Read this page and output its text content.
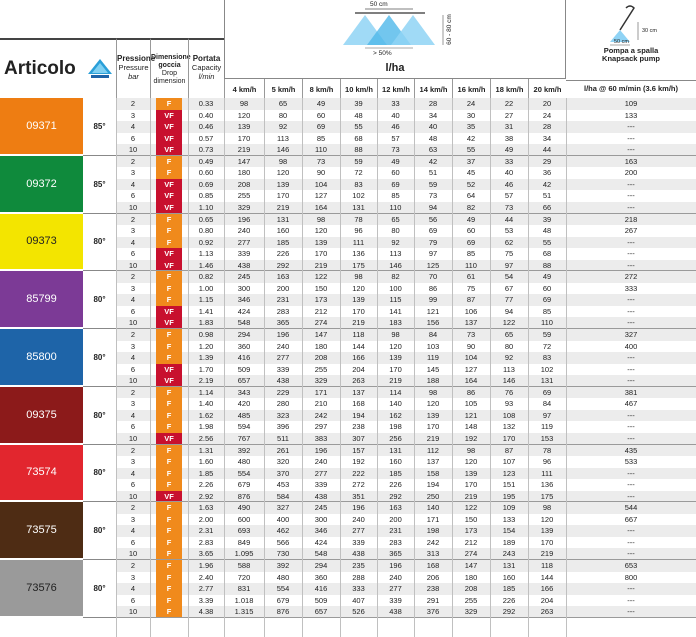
Articolo	Pressione
Pressure
bar
Dimensione goccia
Drop dimension
Portata
Capacity
l/min
50 cm
60 - 80 cm
> 50%
l/ha
4 km/h	5 km/h	8 km/h	10 km/h	12 km/h	14 km/h	16 km/h	18 km/h	20 km/h
30 cm
50 cm
Pompa a spalla
Knapsack pump
l/ha @ 60 m/min (3.6 km/h)
09371	85°
2	F	0.33	98	65	49	39	33	28	24	22	20	109
3	VF	0.40	120	80	60	48	40	34	30	27	24	133
4	VF	0.46	139	92	69	55	46	40	35	31	28	---
6	VF	0.57	170	113	85	68	57	48	42	38	34	---
10	VF	0.73	219	146	110	88	73	63	55	49	44	---
09372	85°
2	F	0.49	147	98	73	59	49	42	37	33	29	163
3	F	0.60	180	120	90	72	60	51	45	40	36	200
4	VF	0.69	208	139	104	83	69	59	52	46	42	---
6	VF	0.85	255	170	127	102	85	73	64	57	51	---
10	VF	1.10	329	219	164	131	110	94	82	73	66	---
09373	80°
2	F	0.65	196	131	98	78	65	56	49	44	39	218
3	F	0.80	240	160	120	96	80	69	60	53	48	267
4	F	0.92	277	185	139	111	92	79	69	62	55	---
6	VF	1.13	339	226	170	136	113	97	85	75	68	---
10	VF	1.46	438	292	219	175	146	125	110	97	88	---
85799	80°
2	F	0.82	245	163	122	98	82	70	61	54	49	272
3	F	1.00	300	200	150	120	100	86	75	67	60	333
4	F	1.15	346	231	173	139	115	99	87	77	69	---
6	VF	1.41	424	283	212	170	141	121	106	94	85	---
10	VF	1.83	548	365	274	219	183	156	137	122	110	---
85800	80°
2	F	0.98	294	196	147	118	98	84	73	65	59	327
3	F	1.20	360	240	180	144	120	103	90	80	72	400
4	F	1.39	416	277	208	166	139	119	104	92	83	---
6	VF	1.70	509	339	255	204	170	145	127	113	102	---
10	VF	2.19	657	438	329	263	219	188	164	146	131	---
09375	80°
2	F	1.14	343	229	171	137	114	98	86	76	69	381
3	F	1.40	420	280	210	168	140	120	105	93	84	467
4	F	1.62	485	323	242	194	162	139	121	108	97	---
6	F	1.98	594	396	297	238	198	170	148	132	119	---
10	VF	2.56	767	511	383	307	256	219	192	170	153	---
73574	80°
2	F	1.31	392	261	196	157	131	112	98	87	78	435
3	F	1.60	480	320	240	192	160	137	120	107	96	533
4	F	1.85	554	370	277	222	185	158	139	123	111	---
6	F	2.26	679	453	339	272	226	194	170	151	136	---
10	VF	2.92	876	584	438	351	292	250	219	195	175	---
73575	80°
2	F	1.63	490	327	245	196	163	140	122	109	98	544
3	F	2.00	600	400	300	240	200	171	150	133	120	667
4	F	2.31	693	462	346	277	231	198	173	154	139	---
6	F	2.83	849	566	424	339	283	242	212	189	170	---
10	F	3.65	1.095	730	548	438	365	313	274	243	219	---
73576	80°
2	F	1.96	588	392	294	235	196	168	147	131	118	653
3	F	2.40	720	480	360	288	240	206	180	160	144	800
4	F	2.77	831	554	416	333	277	238	208	185	166	---
6	F	3.39	1.018	679	509	407	339	291	255	226	204	---
10	F	4.38	1.315	876	657	526	438	376	329	292	263	---
